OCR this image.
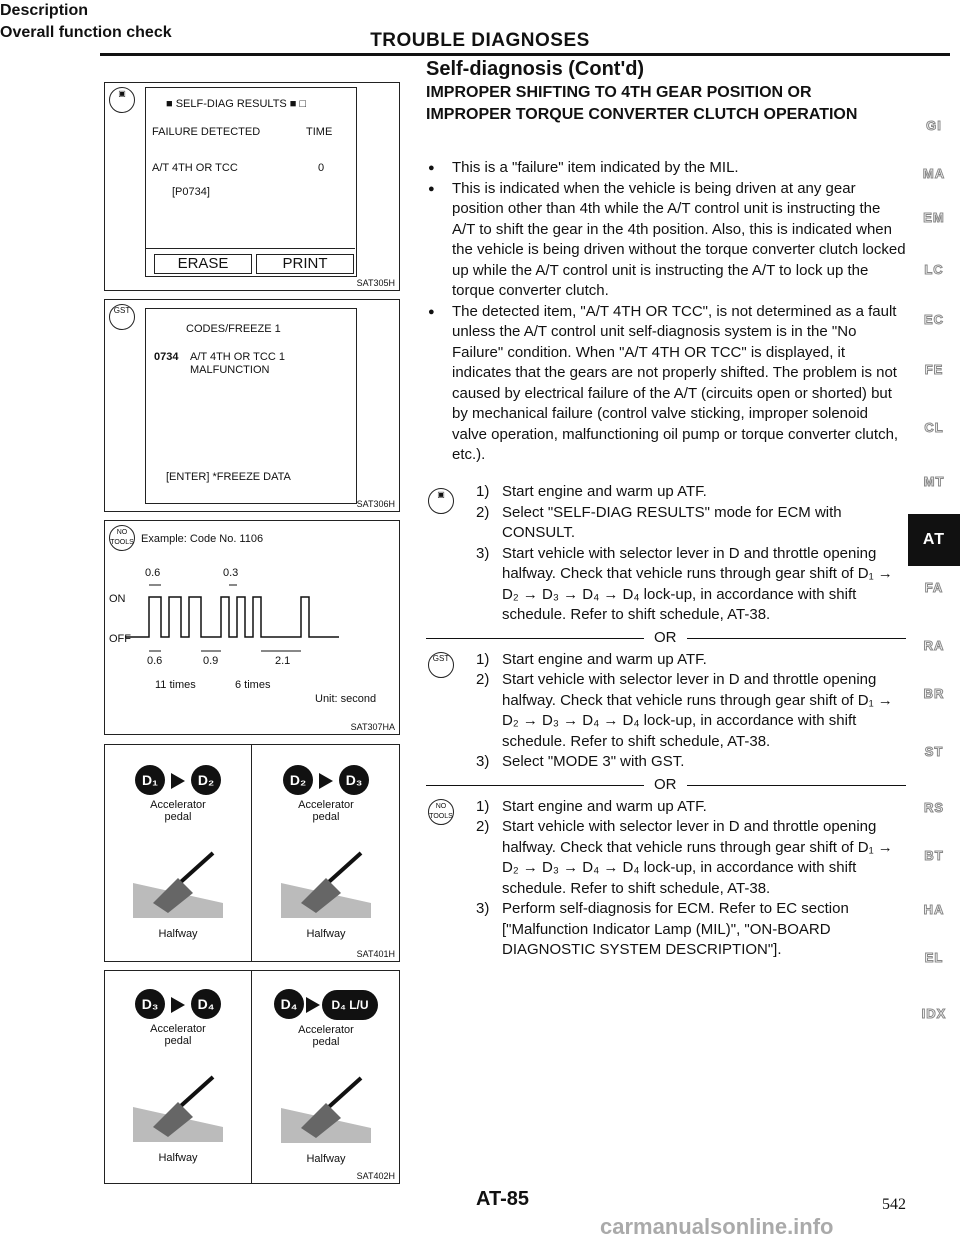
TROUBLE DIAGNOSES
Self-diagnosis (Cont'd)
IMPROPER SHIFTING TO 4TH GEAR POSITION OR
IMPROPER TORQUE CONVERTER CLUTCH OPERATION
▣
■ SELF-DIAG RESULTS ■ □
FAILURE DETECTED	TIME
A/T 4TH OR TCC	0
[P0734]
ERASE	PRINT
SAT305H
GST
CODES/FREEZE 1
0734 A/T 4TH OR TCC 1
MALFUNCTION
[ENTER] *FREEZE DATA
SAT306H
NO
TOOLS Example: Code No. 1106
0.6	0.3
ON
OFF
0.6	0.9	2.1
11 times	6 times
Unit: second
SAT307HA
D₁	D₂
Accelerator pedal
Halfway
D₂	D₃
Accelerator pedal
Halfway
SAT401H
D₃	D₄
Accelerator pedal
Halfway
D₄	D₄ L/U
Accelerator pedal
Halfway
SAT402H
Description

● This is a "failure" item indicated by the MIL.

● This is indicated when the vehicle is being driven at any gear position other than 4th while the A/T control unit is instructing the A/T to shift the gear in the 4th position. Also, this is indicated when the vehicle is being driven without the torque converter clutch locked up while the A/T control unit is instructing the A/T to lock up the torque converter clutch.

● The detected item, "A/T 4TH OR TCC", is not determined as a fault unless the A/T control unit self-diagnosis system is in the "No Failure" condition. When "A/T 4TH OR TCC" is displayed, it indicates that the gears are not properly shifted. The problem is not caused by electrical failure of the A/T (circuits open or shorted) but by mechanical failure (control valve sticking, improper solenoid valve operation, malfunctioning oil pump or torque converter clutch, etc.).

Overall function check
▣	1) Start engine and warm up ATF.

2) Select "SELF-DIAG RESULTS" mode for ECM with CONSULT.

3) Start vehicle with selector lever in D and throttle opening halfway. Check that vehicle runs through gear shift of D₁ → D₂ → D₃ → D₄ → D₄ lock-up, in accordance with shift schedule. Refer to shift schedule, AT-38.

OR
GST	1) Start engine and warm up ATF.

2) Start vehicle with selector lever in D and throttle opening halfway. Check that vehicle runs through gear shift of D₁ → D₂ → D₃ → D₄ → D₄ lock-up, in accordance with shift schedule. Refer to shift schedule, AT-38.

3) Select "MODE 3" with GST.

OR
NO
TOOLS

1) Start engine and warm up ATF.

2) Start vehicle with selector lever in D and throttle opening halfway. Check that vehicle runs through gear shift of D₁ → D₂ → D₃ → D₄ → D₄ lock-up, in accordance with shift schedule. Refer to shift schedule, AT-38.

3) Perform self-diagnosis for ECM. Refer to EC section ["Malfunction Indicator Lamp (MIL)", "ON-BOARD DIAGNOSTIC SYSTEM DESCRIPTION"].

GI
MA
EM
LC
EC
FE
CL
MT
AT
FA
RA
BR
ST
RS
BT
HA
EL
IDX
AT-85	542
carmanualsonline.info
